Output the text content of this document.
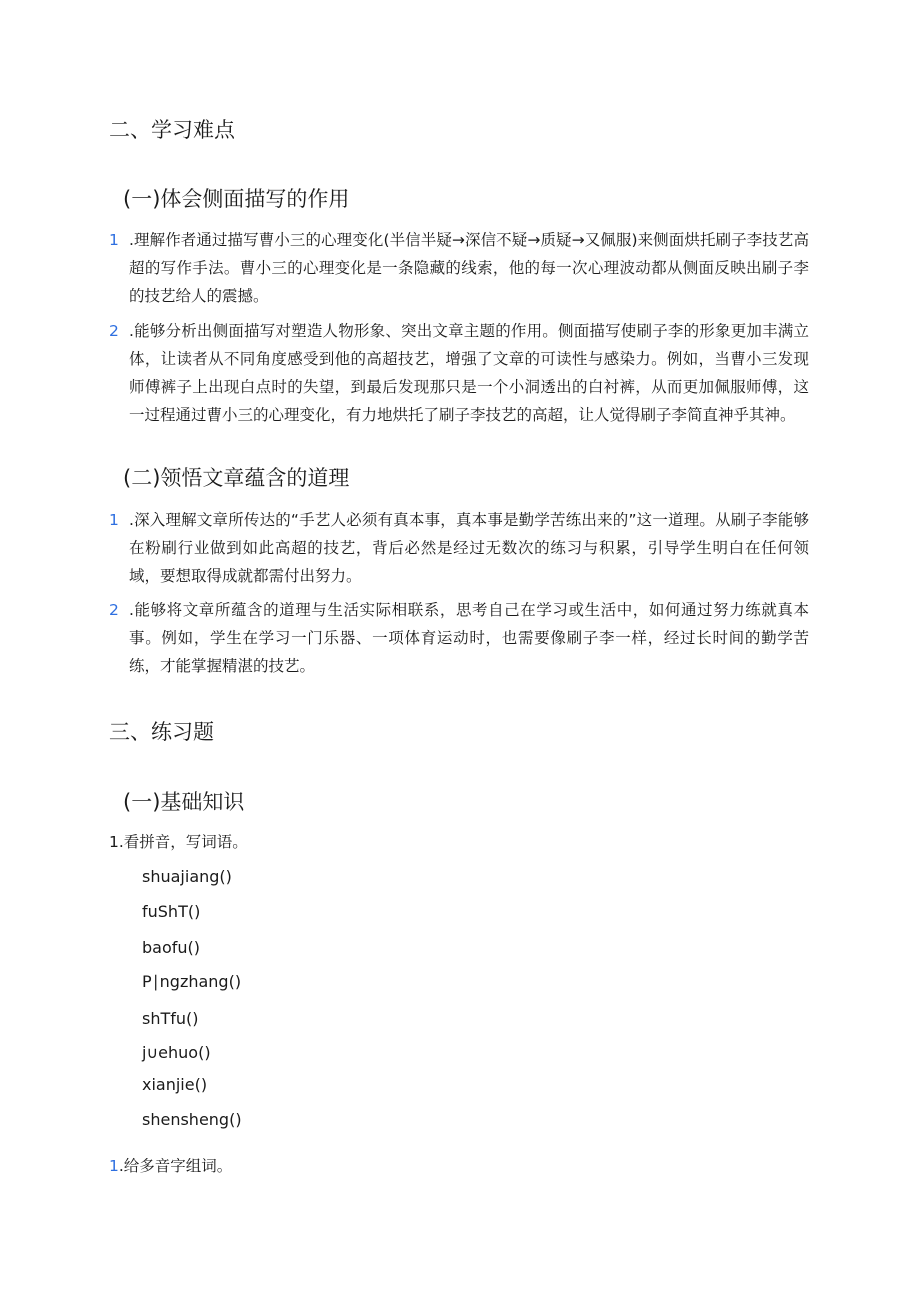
二、学习难点
(一)体会侧面描写的作用
1 .理解作者通过描写曹小三的心理变化(半信半疑→深信不疑→质疑→又佩服)来侧面烘托刷子李技艺高超的写作手法。曹小三的心理变化是一条隐藏的线索，他的每一次心理波动都从侧面反映出刷子李的技艺给人的震撼。
2 .能够分析出侧面描写对塑造人物形象、突出文章主题的作用。侧面描写使刷子李的形象更加丰满立体，让读者从不同角度感受到他的高超技艺，增强了文章的可读性与感染力。例如，当曹小三发现师傅裤子上出现白点时的失望，到最后发现那只是一个小洞透出的白衬裤，从而更加佩服师傅，这一过程通过曹小三的心理变化，有力地烘托了刷子李技艺的高超，让人觉得刷子李简直神乎其神。
(二)领悟文章蕴含的道理
1 .深入理解文章所传达的“手艺人必须有真本事，真本事是勤学苦练出来的”这一道理。从刷子李能够在粉刷行业做到如此高超的技艺，背后必然是经过无数次的练习与积累，引导学生明白在任何领域，要想取得成就都需付出努力。
2 .能够将文章所蕴含的道理与生活实际相联系，思考自己在学习或生活中，如何通过努力练就真本事。例如，学生在学习一门乐器、一项体育运动时，也需要像刷子李一样，经过长时间的勤学苦练，才能掌握精湛的技艺。
三、练习题
(一)基础知识

1.看拼音，写词语。

shuajiang()

fuShT()

baofu()

P∣ngzhang()

shTfu()

j∪ehuo()

xianjie()

shensheng()

1.给多音字组词。
